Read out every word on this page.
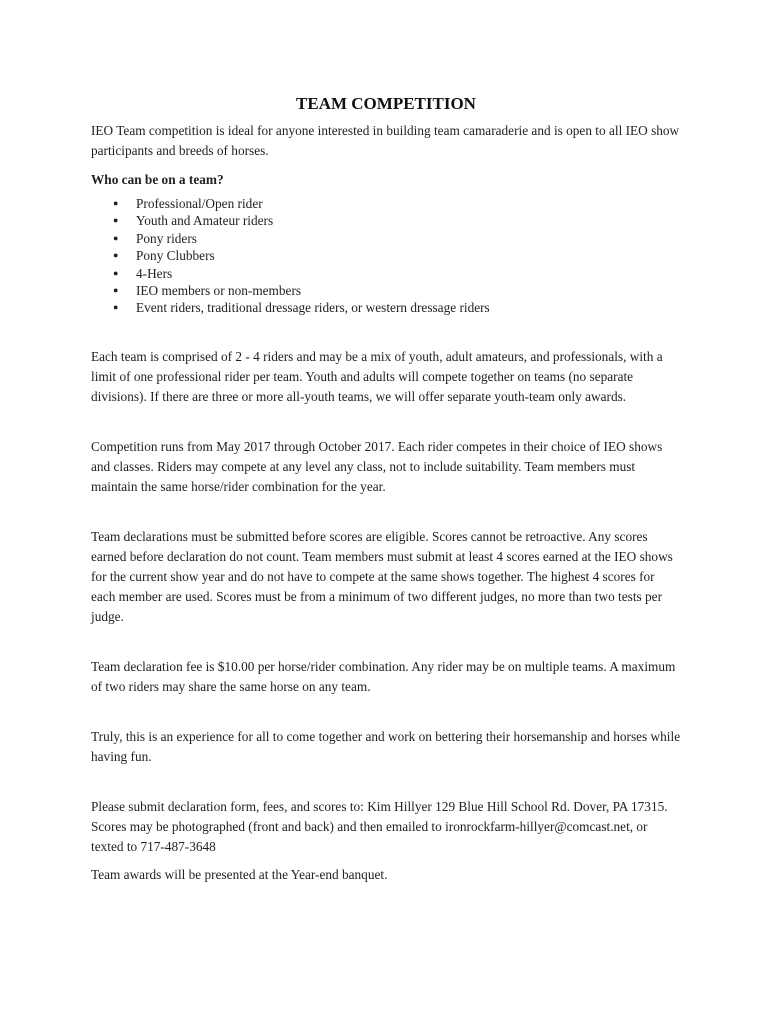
TEAM COMPETITION

IEO Team competition is ideal for anyone interested in building team camaraderie and is open to all IEO show participants and breeds of horses.

Who can be on a team?

● Professional/Open rider
● Youth and Amateur riders
● Pony riders
● Pony Clubbers
● 4-Hers
● IEO members or non-members
● Event riders, traditional dressage riders, or western dressage riders

Each team is comprised of 2 - 4 riders and may be a mix of youth, adult amateurs, and professionals, with a limit of one professional rider per team. Youth and adults will compete together on teams (no separate divisions). If there are three or more all-youth teams, we will offer separate youth-team only awards.

Competition runs from May 2017 through October 2017. Each rider competes in their choice of IEO shows and classes. Riders may compete at any level any class, not to include suitability. Team members must maintain the same horse/rider combination for the year.

Team declarations must be submitted before scores are eligible. Scores cannot be retroactive. Any scores earned before declaration do not count. Team members must submit at least 4 scores earned at the IEO shows for the current show year and do not have to compete at the same shows together. The highest 4 scores for each member are used. Scores must be from a minimum of two different judges, no more than two tests per judge.

Team declaration fee is $10.00 per horse/rider combination. Any rider may be on multiple teams. A maximum of two riders may share the same horse on any team.

Truly, this is an experience for all to come together and work on bettering their horsemanship and horses while having fun.

Please submit declaration form, fees, and scores to: Kim Hillyer 129 Blue Hill School Rd. Dover, PA 17315. Scores may be photographed (front and back) and then emailed to ironrockfarm-hillyer@comcast.net, or texted to 717-487-3648

Team awards will be presented at the Year-end banquet.
